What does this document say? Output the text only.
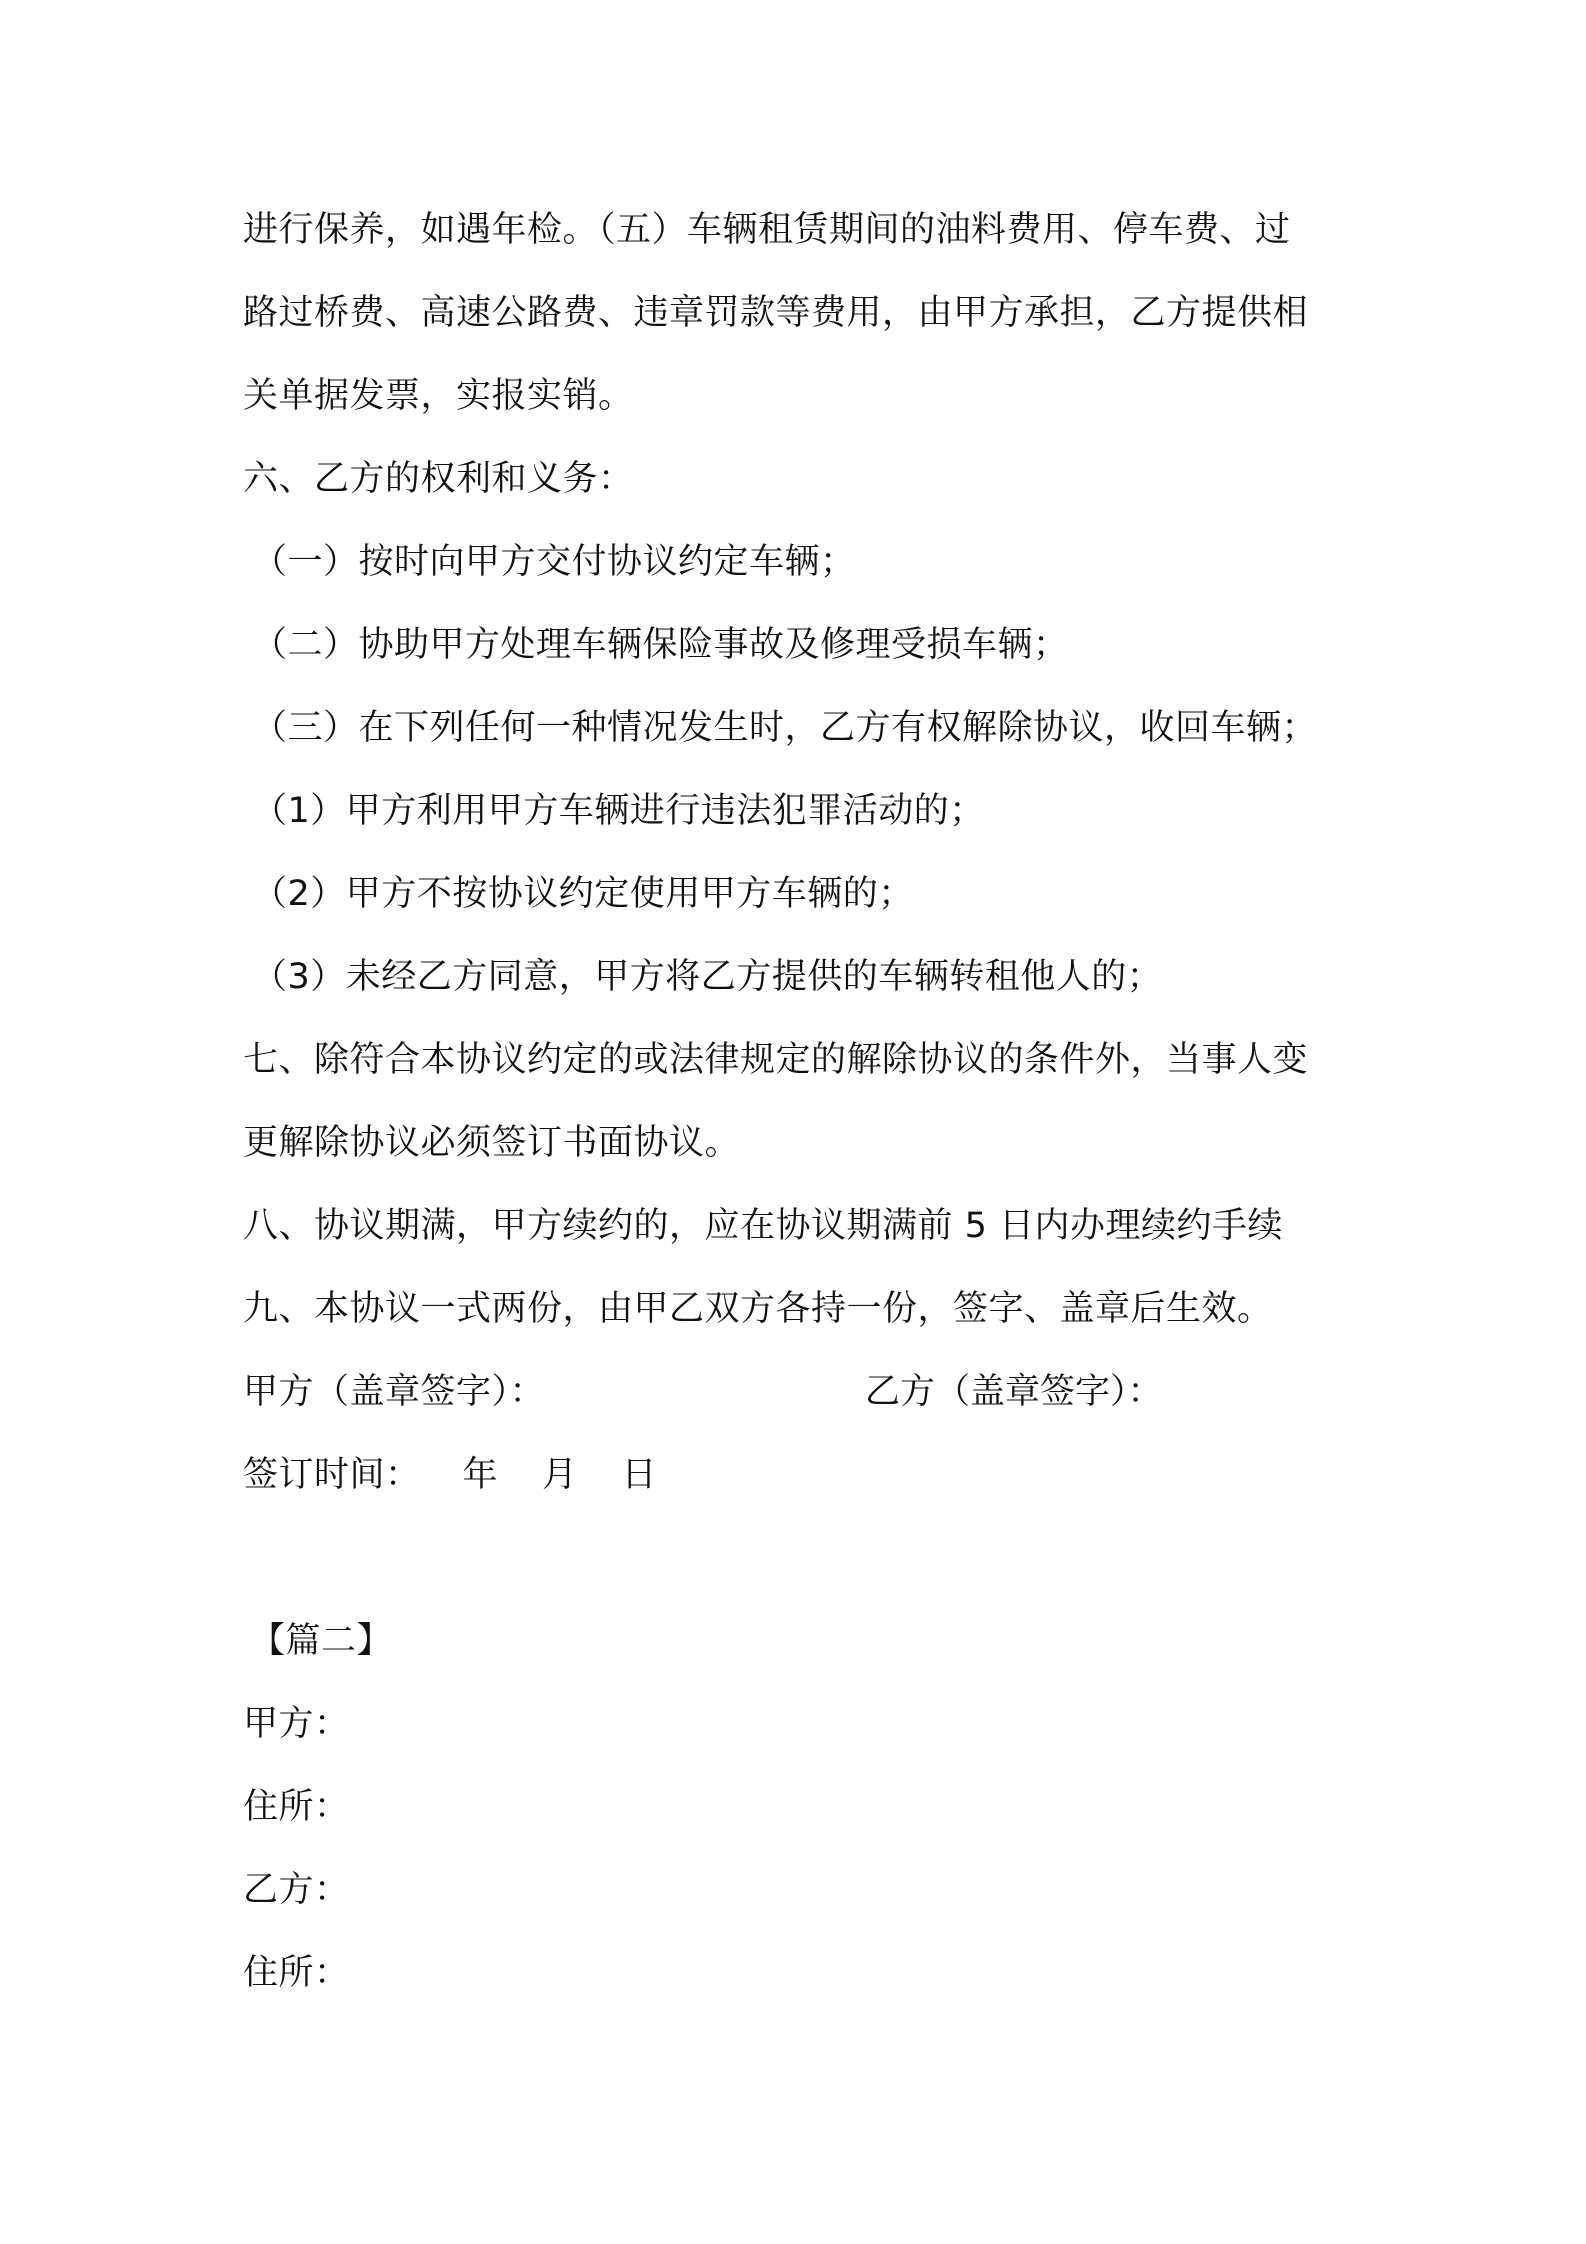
进行保养，如遇年检。（五）车辆租赁期间的油料费用、停车费、过
路过桥费、高速公路费、违章罚款等费用，由甲方承担，乙方提供相
关单据发票，实报实销。
六、乙方的权利和义务：
（一）按时向甲方交付协议约定车辆；
（二）协助甲方处理车辆保险事故及修理受损车辆；
（三）在下列任何一种情况发生时，乙方有权解除协议，收回车辆；
（1）甲方利用甲方车辆进行违法犯罪活动的；
（2）甲方不按协议约定使用甲方车辆的；
（3）未经乙方同意，甲方将乙方提供的车辆转租他人的；
七、除符合本协议约定的或法律规定的解除协议的条件外，当事人变
更解除协议必须签订书面协议。
八、协议期满，甲方续约的，应在协议期满前 5 日内办理续约手续
九、本协议一式两份，由甲乙双方各持一份，签字、盖章后生效。
甲方（盖章签字）：	乙方（盖章签字）：
签订时间： 年 月 日
【篇二】
甲方：
住所：
乙方：
住所：
